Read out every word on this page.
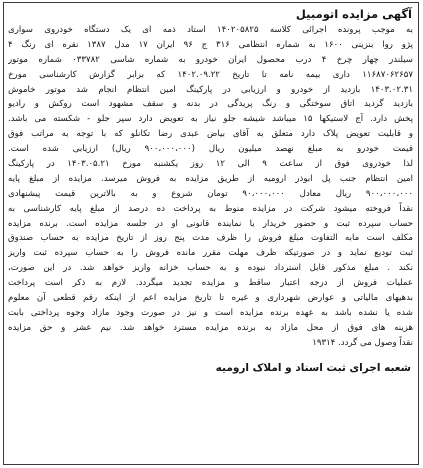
آگهی مزایده اتومبیل
به موجب پرونده اجرائی کلاسه ۱۴۰۲۰۵۸۲۵ استاد ذمه ای یک دستگاه خودروی سواری
پژو روا بنزینی ۱۶۰۰ به شماره انتظامی ۳۱۶ ج ۹۶ ایران ۱۷ مدل ۱۳۸۷ نقره ای رنگ ۴
سیلندر چهار چرخ ۴ درب محصول ایران خودرو به شماره شاسی ۰۳۳۷۸۲ شماره موتور
۱۱۶۸۷۰۶۲۶۵۷ داری بیمه نامه تا تاریخ ۱۴۰۲.۰۹.۲۲ که برابر گزارش کارشناسی مورخ
۱۴۰۳.۰۲.۳۱ بازدید از خودرو و ارزیابی در پارکینگ امین انتظام انجام شد موتور خاموش
بازدید گردید اتاق سوختگی و رنگ پریدگی در بدنه و سقف مشهود است روکش و رادیو
پخش دارد. آج لاستیکها ۱۵ میباشد شیشه جلو نیاز به تعویض دارد سپر جلو - شکسته می باشد.
و قابلیت تعویض پلاک دارد متعلق به آقای بیاض عبدی رضا تکانلو که با توجه به مراتب فوق
قیمت خودرو به مبلغ نهصد میلیون ریال (۹۰۰،۰۰۰،۰۰۰ ریال) ارزیابی شده است.
لذا خودروی فوق از ساعت ۹ الی ۱۲ روز یکشنبه مورخ ۱۴۰۳.۰۵.۲۱ در پارکینگ
امین انتظام جنب پل ابوذر ارومیه از طریق مزایده به فروش میرسد. مزایده از مبلغ پایه
۹۰۰،۰۰۰،۰۰۰ ریال معادل ۹۰،۰۰۰،۰۰۰ تومان شروع و به بالاترین قیمت پیشنهادی
نقداً فروخته میشود شرکت در مزایده منوط به پرداخت ده درصد از مبلغ پایه کارشناسی به
حساب سپرده ثبت و حضور خریدار یا نماینده قانونی او در جلسه مزایده است. برنده مزایده
مکلف است مابه التفاوت مبلغ فروش را ظرف مدت پنج روز از تاریخ مزایده به حساب صندوق
ثبت تودیع نماید و در صورتیکه ظرف مهلت مقرر مانده فروش را به حساب سپرده ثبت واریز
نکند . مبلغ مذکور قابل استرداد نبوده و به حساب خزانه واریز خواهد شد. در این صورت،
عملیات فروش از درجه اعتبار ساقط و مزایده تجدید میگردد. لازم به ذکر است پرداخت
بدهیهای مالیاتی و عوارض شهرداری و غیره تا تاریخ مزایده اعم از اینکه رقم قطعی آن معلوم
شده یا نشده باشد به عهده برنده مزایده است و نیز در صورت وجود مازاد وجوه پرداختی بابت
هزینه های فوق از محل مازاد به برنده مزایده مسترد خواهد شد. نیم عشر و حق مزایده
نقداً وصول می گردد. ۱۹۳۱۴
شعبه اجرای ثبت اسناد و املاک ارومیه
